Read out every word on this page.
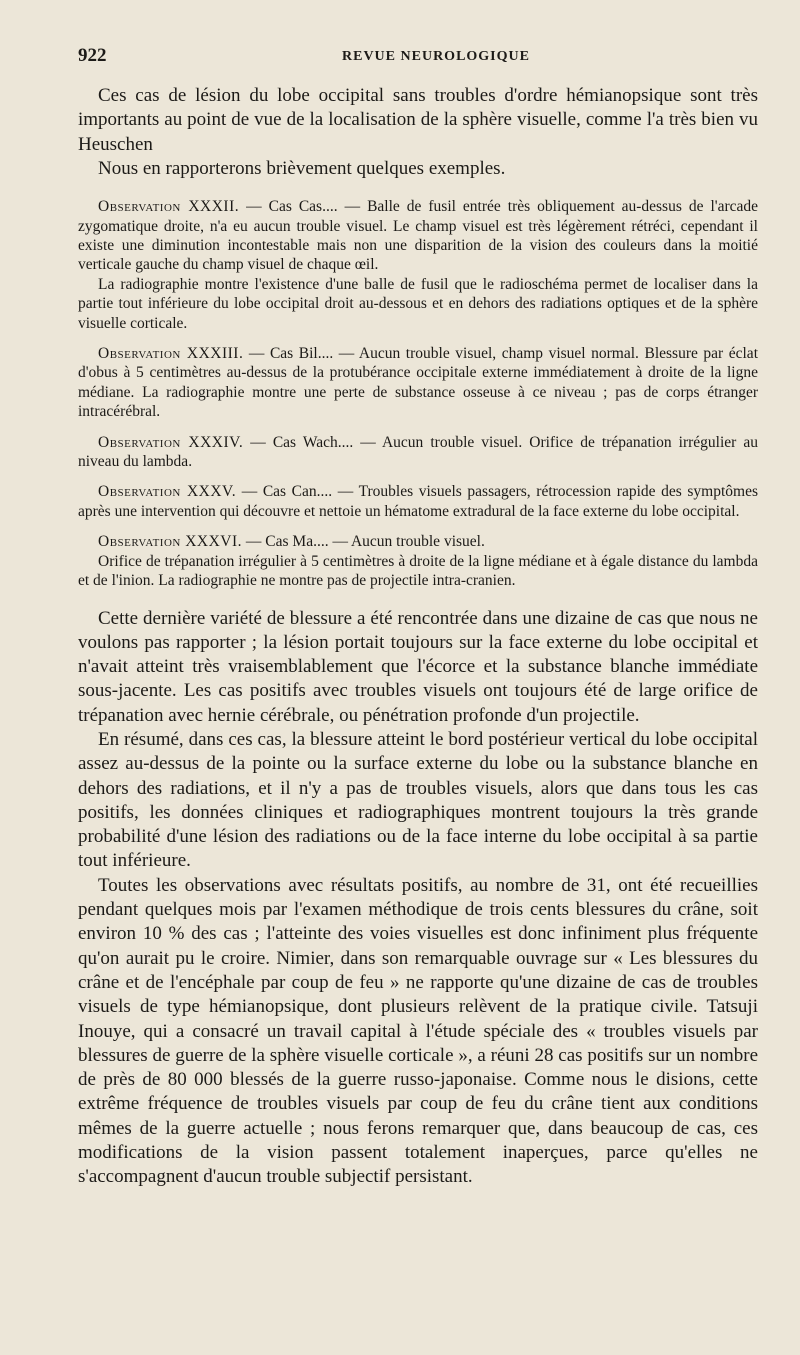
922	REVUE NEUROLOGIQUE

Ces cas de lésion du lobe occipital sans troubles d'ordre hémianopsique sont très importants au point de vue de la localisation de la sphère visuelle, comme l'a très bien vu Heuschen

Nous en rapporterons brièvement quelques exemples.

Observation XXXII. — Cas Cas.... — Balle de fusil entrée très obliquement au-dessus de l'arcade zygomatique droite, n'a eu aucun trouble visuel. Le champ visuel est très légèrement rétréci, cependant il existe une diminution incontestable mais non une disparition de la vision des couleurs dans la moitié verticale gauche du champ visuel de chaque œil.

La radiographie montre l'existence d'une balle de fusil que le radioschéma permet de localiser dans la partie tout inférieure du lobe occipital droit au-dessous et en dehors des radiations optiques et de la sphère visuelle corticale.

Observation XXXIII. — Cas Bil.... — Aucun trouble visuel, champ visuel normal. Blessure par éclat d'obus à 5 centimètres au-dessus de la protubérance occipitale externe immédiatement à droite de la ligne médiane. La radiographie montre une perte de substance osseuse à ce niveau ; pas de corps étranger intracérébral.

Observation XXXIV. — Cas Wach.... — Aucun trouble visuel. Orifice de trépanation irrégulier au niveau du lambda.

Observation XXXV. — Cas Can.... — Troubles visuels passagers, rétrocession rapide des symptômes après une intervention qui découvre et nettoie un hématome extradural de la face externe du lobe occipital.

Observation XXXVI. — Cas Ma.... — Aucun trouble visuel.

Orifice de trépanation irrégulier à 5 centimètres à droite de la ligne médiane et à égale distance du lambda et de l'inion. La radiographie ne montre pas de projectile intra-cranien.

Cette dernière variété de blessure a été rencontrée dans une dizaine de cas que nous ne voulons pas rapporter ; la lésion portait toujours sur la face externe du lobe occipital et n'avait atteint très vraisemblablement que l'écorce et la substance blanche immédiate sous-jacente. Les cas positifs avec troubles visuels ont toujours été de large orifice de trépanation avec hernie cérébrale, ou pénétration profonde d'un projectile.

En résumé, dans ces cas, la blessure atteint le bord postérieur vertical du lobe occipital assez au-dessus de la pointe ou la surface externe du lobe ou la substance blanche en dehors des radiations, et il n'y a pas de troubles visuels, alors que dans tous les cas positifs, les données cliniques et radiographiques montrent toujours la très grande probabilité d'une lésion des radiations ou de la face interne du lobe occipital à sa partie tout inférieure.

Toutes les observations avec résultats positifs, au nombre de 31, ont été recueillies pendant quelques mois par l'examen méthodique de trois cents blessures du crâne, soit environ 10 % des cas ; l'atteinte des voies visuelles est donc infiniment plus fréquente qu'on aurait pu le croire. Nimier, dans son remarquable ouvrage sur « Les blessures du crâne et de l'encéphale par coup de feu » ne rapporte qu'une dizaine de cas de troubles visuels de type hémianopsique, dont plusieurs relèvent de la pratique civile. Tatsuji Inouye, qui a consacré un travail capital à l'étude spéciale des « troubles visuels par blessures de guerre de la sphère visuelle corticale », a réuni 28 cas positifs sur un nombre de près de 80 000 blessés de la guerre russo-japonaise. Comme nous le disions, cette extrême fréquence de troubles visuels par coup de feu du crâne tient aux conditions mêmes de la guerre actuelle ; nous ferons remarquer que, dans beaucoup de cas, ces modifications de la vision passent totalement inaperçues, parce qu'elles ne s'accompagnent d'aucun trouble subjectif persistant.
